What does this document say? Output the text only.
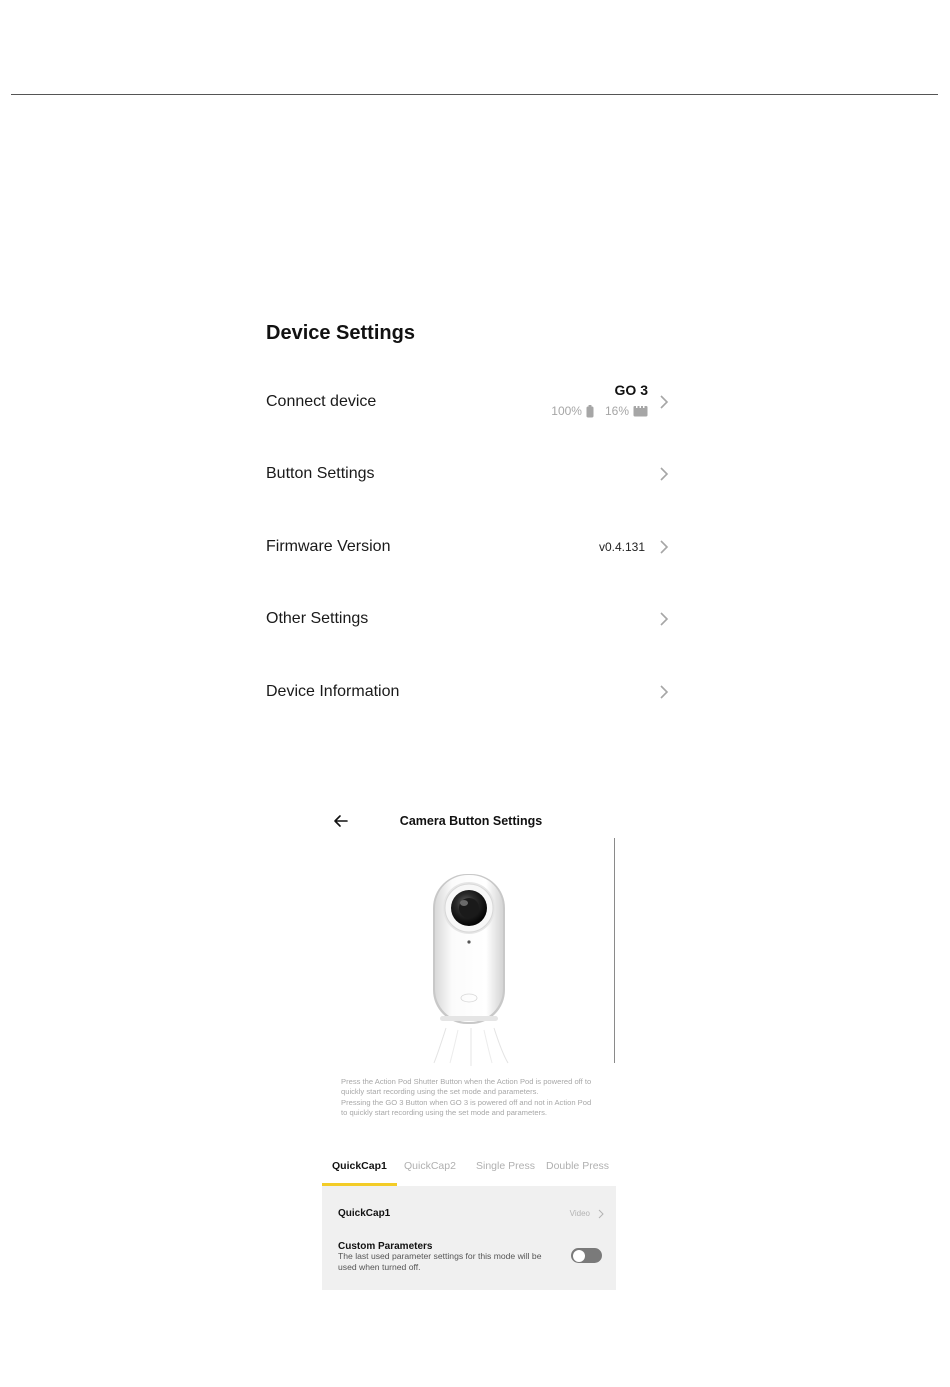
Device Settings
Connect device
GO 3
100% 16%
Button Settings
Firmware Version	v0.4.131
Other Settings
Device Information
Camera Button Settings

Press the Action Pod Shutter Button when the Action Pod is powered off to quickly start recording using the set mode and parameters.

Pressing the GO 3 Button when GO 3 is powered off and not in Action Pod to quickly start recording using the set mode and parameters.

QuickCap1 QuickCap2 Single Press Double Press
QuickCap1	Video
Custom Parameters
The last used parameter settings for this mode will be used when turned off.
